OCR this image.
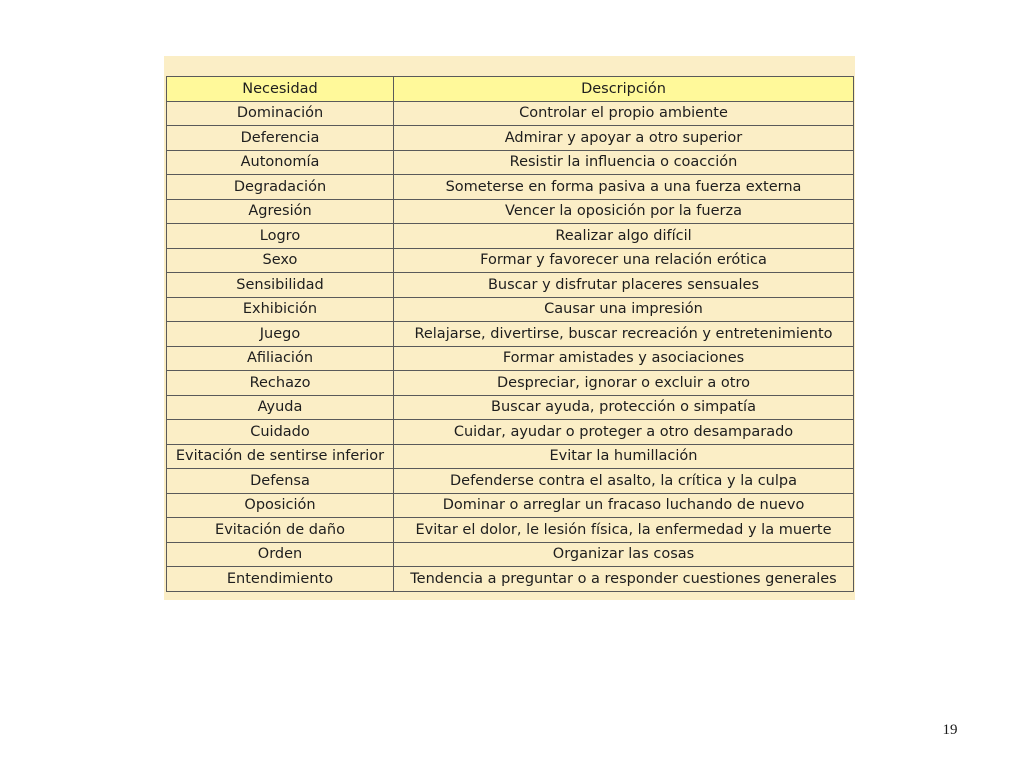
Necesidad	Descripción
Dominación	Controlar el propio ambiente
Deferencia	Admirar y apoyar a otro superior
Autonomía	Resistir la influencia o coacción
Degradación	Someterse en forma pasiva a una fuerza externa
Agresión	Vencer la oposición por la fuerza
Logro	Realizar algo difícil
Sexo	Formar y favorecer una relación erótica
Sensibilidad	Buscar y disfrutar placeres sensuales
Exhibición	Causar una impresión
Juego	Relajarse, divertirse, buscar recreación y entretenimiento
Afiliación	Formar amistades y asociaciones
Rechazo	Despreciar, ignorar o excluir a otro
Ayuda	Buscar ayuda, protección o simpatía
Cuidado	Cuidar, ayudar o proteger a otro desamparado
Evitación de sentirse inferior	Evitar la humillación
Defensa	Defenderse contra el asalto, la crítica y la culpa
Oposición	Dominar o arreglar un fracaso luchando de nuevo
Evitación de daño	Evitar el dolor, le lesión física, la enfermedad y la muerte
Orden	Organizar las cosas
Entendimiento	Tendencia a preguntar o a responder cuestiones generales
19
